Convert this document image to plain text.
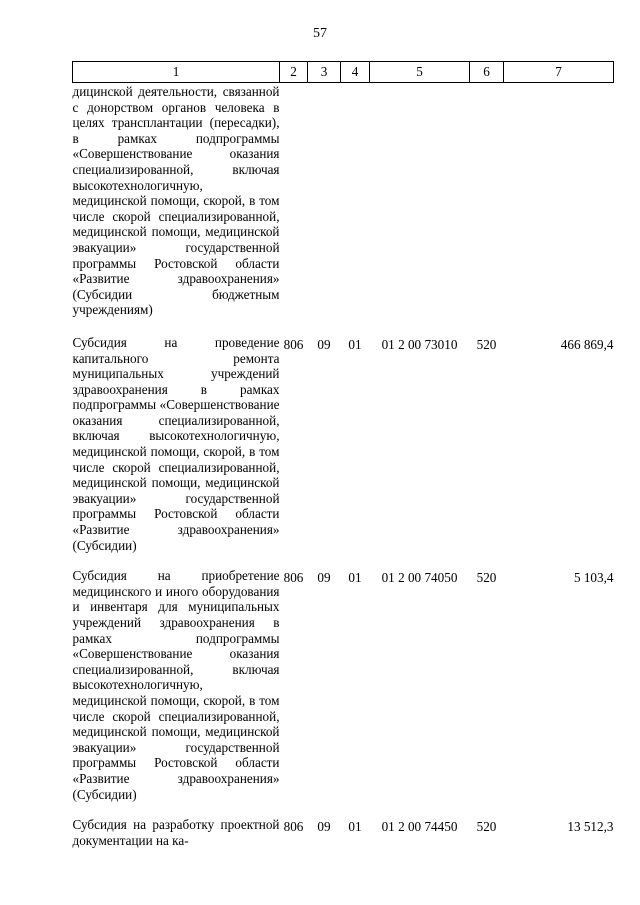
57
1	2	3	4	5	6	7
дицинской деятельности, связанной с донорством органов человека в целях трансплантации (пересадки), в рамках подпрограммы «Совершенствование оказания специализированной, включая высокотехнологичную, медицинской помощи, скорой, в том числе скорой специализированной, медицинской помощи, медицинской эвакуации» государственной программы Ростовской области «Развитие здравоохранения» (Субсидии бюджетным учреждениям)						
Субсидия на проведение капитального ремонта муниципальных учреждений здравоохранения в рамках подпрограммы «Совершенствование оказания специализированной, включая высокотехнологичную, медицинской помощи, скорой, в том числе скорой специализированной, медицинской помощи, медицинской эвакуации» государственной программы Ростовской области «Развитие здравоохранения» (Субсидии)	806	09	01	01 2 00 73010	520	466 869,4
Субсидия на приобретение медицинского и иного оборудования и инвентаря для муниципальных учреждений здравоохранения в рамках подпрограммы «Совершенствование оказания специализированной, включая высокотехнологичную, медицинской помощи, скорой, в том числе скорой специализированной, медицинской помощи, медицинской эвакуации» государственной программы Ростовской области «Развитие здравоохранения» (Субсидии)	806	09	01	01 2 00 74050	520	5 103,4
Субсидия на разработку проектной документации на ка-	806	09	01	01 2 00 74450	520	13 512,3
